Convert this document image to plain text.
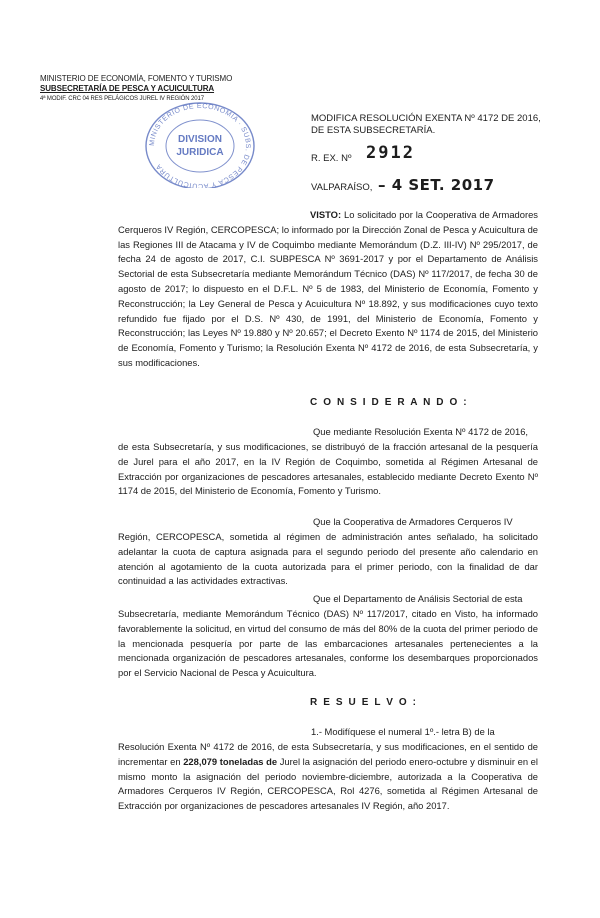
MINISTERIO DE ECONOMÍA, FOMENTO Y TURISMO
SUBSECRETARÍA DE PESCA Y ACUICULTURA
4ª MODIF. CRC 04 RES PELÁGICOS JUREL IV REGIÓN 2017
MINISTERIO DE ECONOMÍA · SUBS. DE PESCA Y ACUICULTURA
DIVISION
JURIDICA
MODIFICA RESOLUCIÓN EXENTA Nº 4172 DE 2016,
DE ESTA SUBSECRETARÍA.
R. EX. Nº 2912
VALPARAÍSO, – 4 SET. 2017
VISTO: Lo solicitado por la Cooperativa de Armadores Cerqueros IV Región, CERCOPESCA; lo informado por la Dirección Zonal de Pesca y Acuicultura de las Regiones III de Atacama y IV de Coquimbo mediante Memorándum (D.Z. III-IV) Nº 295/2017, de fecha 24 de agosto de 2017, C.I. SUBPESCA Nº 3691-2017 y por el Departamento de Análisis Sectorial de esta Subsecretaría mediante Memorándum Técnico (DAS) Nº 117/2017, de fecha 30 de agosto de 2017; lo dispuesto en el D.F.L. Nº 5 de 1983, del Ministerio de Economía, Fomento y Reconstrucción; la Ley General de Pesca y Acuicultura Nº 18.892, y sus modificaciones cuyo texto refundido fue fijado por el D.S. Nº 430, de 1991, del Ministerio de Economía, Fomento y Reconstrucción; las Leyes Nº 19.880 y Nº 20.657; el Decreto Exento Nº 1174 de 2015, del Ministerio de Economía, Fomento y Turismo; la Resolución Exenta Nº 4172 de 2016, de esta Subsecretaría, y sus modificaciones.
C O N S I D E R A N D O :
Que mediante Resolución Exenta Nº 4172 de 2016,
de esta Subsecretaría, y sus modificaciones, se distribuyó de la fracción artesanal de la pesquería de Jurel para el año 2017, en la IV Región de Coquimbo, sometida al Régimen Artesanal de Extracción por organizaciones de pescadores artesanales, establecido mediante Decreto Exento Nº 1174 de 2015, del Ministerio de Economía, Fomento y Turismo.
Que la Cooperativa de Armadores Cerqueros IV
Región, CERCOPESCA, sometida al régimen de administración antes señalado, ha solicitado adelantar la cuota de captura asignada para el segundo periodo del presente año calendario en atención al agotamiento de la cuota autorizada para el primer periodo, con la finalidad de dar continuidad a las actividades extractivas.
Que el Departamento de Análisis Sectorial de esta
Subsecretaría, mediante Memorándum Técnico (DAS) Nº 117/2017, citado en Visto, ha informado favorablemente la solicitud, en virtud del consumo de más del 80% de la cuota del primer periodo de la mencionada pesquería por parte de las embarcaciones artesanales pertenecientes a la mencionada organización de pescadores artesanales, conforme los desembarques proporcionados por el Servicio Nacional de Pesca y Acuicultura.
R E S U E L V O :
1.- Modifíquese el numeral 1º.- letra B) de la
Resolución Exenta Nº 4172 de 2016, de esta Subsecretaría, y sus modificaciones, en el sentido de incrementar en 228,079 toneladas de Jurel la asignación del periodo enero-octubre y disminuir en el mismo monto la asignación del periodo noviembre-diciembre, autorizada a la Cooperativa de Armadores Cerqueros IV Región, CERCOPESCA, Rol 4276, sometida al Régimen Artesanal de Extracción por organizaciones de pescadores artesanales IV Región, año 2017.
